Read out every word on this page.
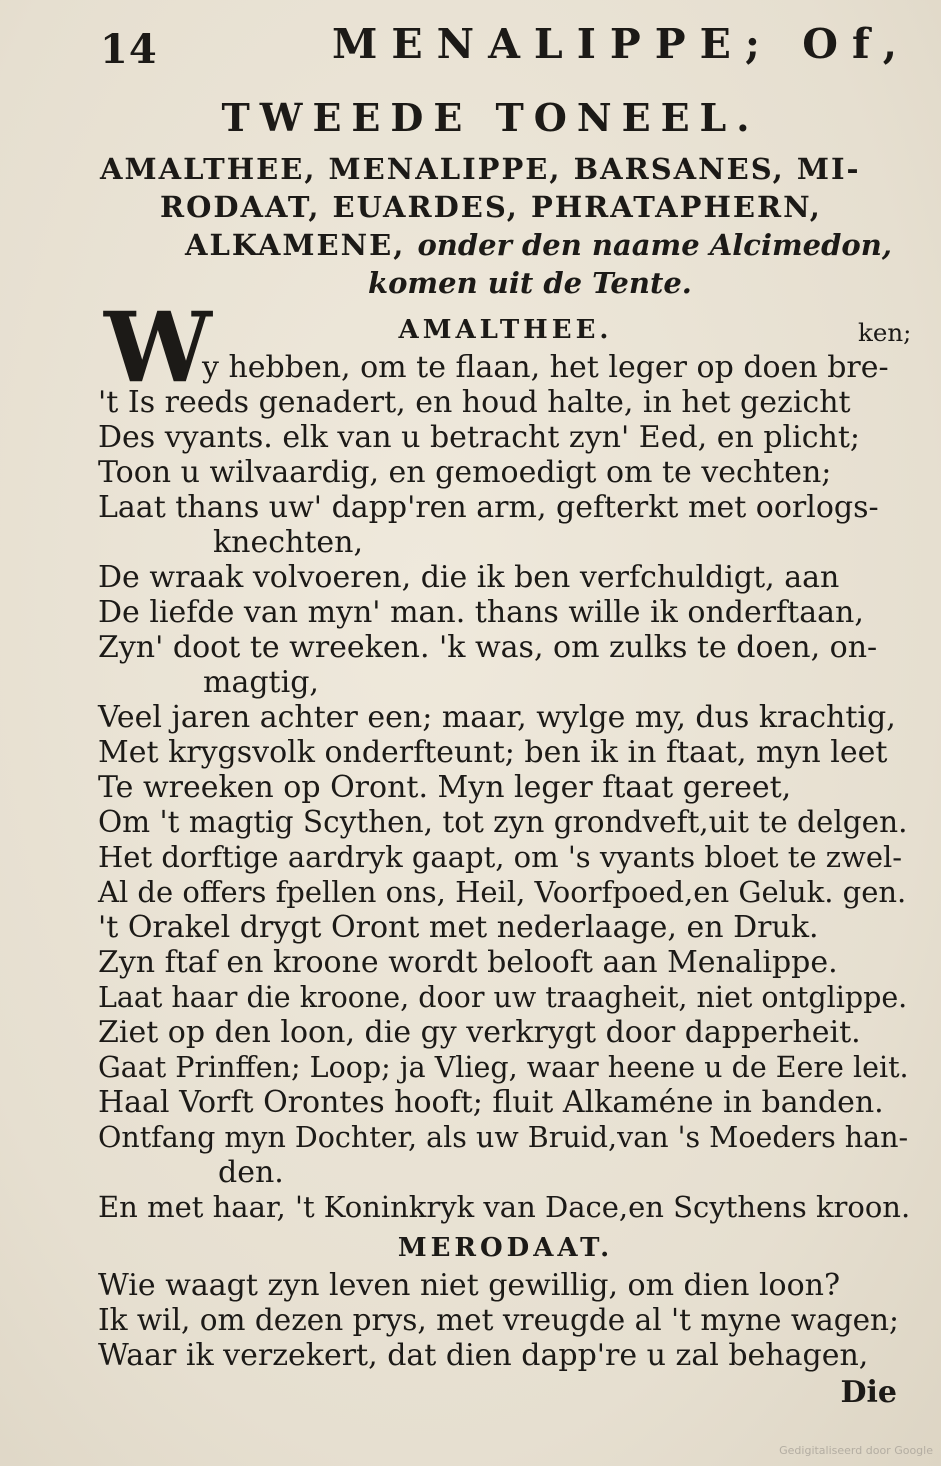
14	MENALIPPE; Of,
TWEEDE TONEEL.
AMALTHEE, MENALIPPE, BARSANES, MI-
RODAAT, EUARDES, PHRATAPHERN,
ALKAMENE, onder den naame Alcimedon,
komen uit de Tente.
W	AMALTHEE.	ken;
y hebben, om te flaan, het leger op doen bre-
't Is reeds genadert, en houd halte, in het gezicht
Des vyants. elk van u betracht zyn' Eed, en plicht;
Toon u wilvaardig, en gemoedigt om te vechten;
Laat thans uw' dapp'ren arm, gefterkt met oorlogs-
knechten,
De wraak volvoeren, die ik ben verfchuldigt, aan
De liefde van myn' man. thans wille ik onderftaan,
Zyn' doot te wreeken. 'k was, om zulks te doen, on-
magtig,
Veel jaren achter een; maar, wylge my, dus krachtig,
Met krygsvolk onderfteunt; ben ik in ftaat, myn leet
Te wreeken op Oront. Myn leger ftaat gereet,
Om 't magtig Scythen, tot zyn grondveft,uit te delgen.
Het dorftige aardryk gaapt, om 's vyants bloet te zwel-
Al de offers fpellen ons, Heil, Voorfpoed,en Geluk. gen.
't Orakel drygt Oront met nederlaage, en Druk.
Zyn ftaf en kroone wordt belooft aan Menalippe.
Laat haar die kroone, door uw traagheit, niet ontglippe.
Ziet op den loon, die gy verkrygt door dapperheit.
Gaat Prinffen; Loop; ja Vlieg, waar heene u de Eere leit.
Haal Vorft Orontes hooft; fluit Alkaméne in banden.
Ontfang myn Dochter, als uw Bruid,van 's Moeders han-
den.
En met haar, 't Koninkryk van Dace,en Scythens kroon.
MERODAAT.
Wie waagt zyn leven niet gewillig, om dien loon?
Ik wil, om dezen prys, met vreugde al 't myne wagen;
Waar ik verzekert, dat dien dapp're u zal behagen,
Die
Gedigitaliseerd door Google
